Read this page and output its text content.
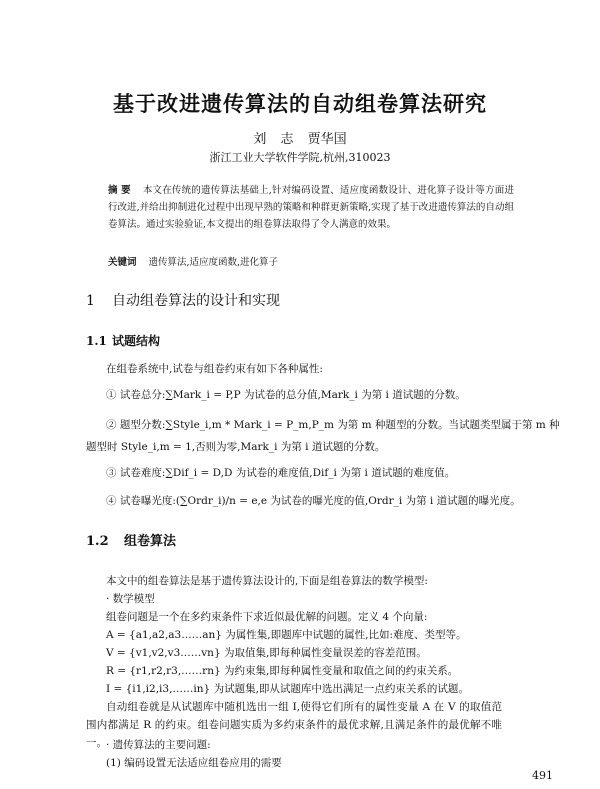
基于改进遗传算法的自动组卷算法研究
刘 志 贾华国
浙江工业大学软件学院,杭州,310023
摘 要 本文在传统的遗传算法基础上,针对编码设置、适应度函数设计、进化算子设计等方面进行改进,并给出抑制进化过程中出现早熟的策略和种群更新策略,实现了基于改进遗传算法的自动组卷算法。通过实验验证,本文提出的组卷算法取得了令人满意的效果。
关键词 遗传算法,适应度函数,进化算子
1 自动组卷算法的设计和实现
1.1 试题结构
在组卷系统中,试卷与组卷约束有如下各种属性:
① 试卷总分:∑Mark_i = P,P 为试卷的总分值,Mark_i 为第 i 道试题的分数。
② 题型分数:∑Style_i,m * Mark_i = P_m,P_m 为第 m 种题型的分数。当试题类型属于第 m 种
题型时 Style_i,m = 1,否则为零,Mark_i 为第 i 道试题的分数。
③ 试卷难度:∑Dif_i = D,D 为试卷的难度值,Dif_i 为第 i 道试题的难度值。
④ 试卷曝光度:(∑Ordr_i)/n = e,e 为试卷的曝光度的值,Ordr_i 为第 i 道试题的曝光度。
1.2 组卷算法
本文中的组卷算法是基于遗传算法设计的,下面是组卷算法的数学模型:
· 数学模型
组卷问题是一个在多约束条件下求近似最优解的问题。定义 4 个向量:
A = {a1,a2,a3……an} 为属性集,即题库中试题的属性,比如:难度、类型等。
V = {v1,v2,v3……vn} 为取值集,即每种属性变量误差的容差范围。
R = {r1,r2,r3,……rn} 为约束集,即每种属性变量和取值之间的约束关系。
I = {i1,i2,i3,……in} 为试题集,即从试题库中选出满足一点约束关系的试题。
自动组卷就是从试题库中随机选出一组 I,使得它们所有的属性变量 A 在 V 的取值范围内都满足 R 的约束。组卷问题实质为多约束条件的最优求解,且满足条件的最优解不唯一。 · 遗传算法的主要问题:
(1) 编码设置无法适应组卷应用的需要
491
